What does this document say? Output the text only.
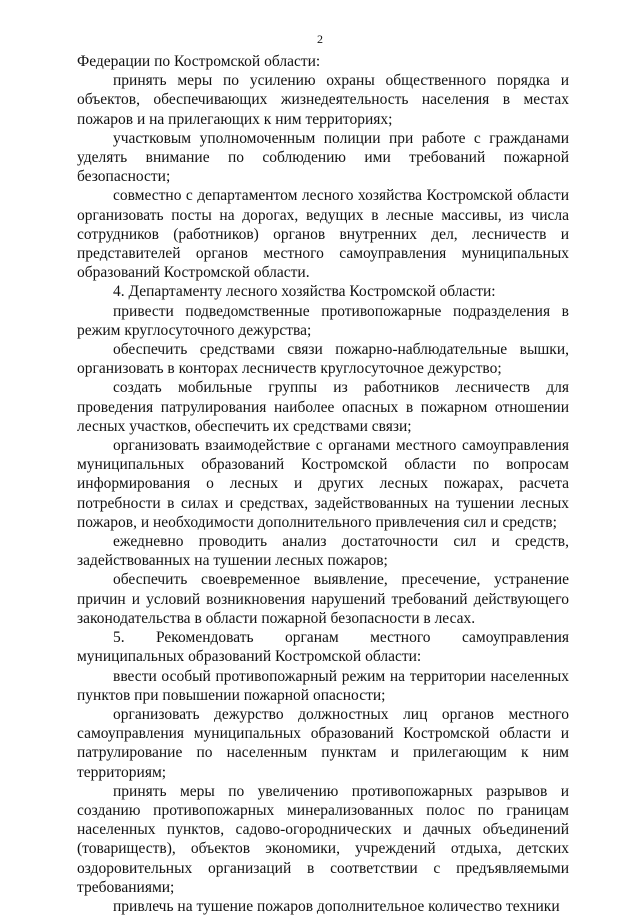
2

Федерации по Костромской области:

принять меры по усилению охраны общественного порядка и объектов, обеспечивающих жизнедеятельность населения в местах пожаров и на прилегающих к ним территориях;

участковым уполномоченным полиции при работе с гражданами уделять внимание по соблюдению ими требований пожарной безопасности;

совместно с департаментом лесного хозяйства Костромской области организовать посты на дорогах, ведущих в лесные массивы, из числа сотрудников (работников) органов внутренних дел, лесничеств и представителей органов местного самоуправления муниципальных образований Костромской области.

4. Департаменту лесного хозяйства Костромской области:

привести подведомственные противопожарные подразделения в режим круглосуточного дежурства;

обеспечить средствами связи пожарно-наблюдательные вышки, организовать в конторах лесничеств круглосуточное дежурство;

создать мобильные группы из работников лесничеств для проведения патрулирования наиболее опасных в пожарном отношении лесных участков, обеспечить их средствами связи;

организовать взаимодействие с органами местного самоуправления муниципальных образований Костромской области по вопросам информирования о лесных и других лесных пожарах, расчета потребности в силах и средствах, задействованных на тушении лесных пожаров, и необходимости дополнительного привлечения сил и средств;

ежедневно проводить анализ достаточности сил и средств, задействованных на тушении лесных пожаров;

обеспечить своевременное выявление, пресечение, устранение причин и условий возникновения нарушений требований действующего законодательства в области пожарной безопасности в лесах.

5. Рекомендовать органам местного самоуправления муниципальных образований Костромской области:

ввести особый противопожарный режим на территории населенных пунктов при повышении пожарной опасности;

организовать дежурство должностных лиц органов местного самоуправления муниципальных образований Костромской области и патрулирование по населенным пунктам и прилегающим к ним территориям;

принять меры по увеличению противопожарных разрывов и созданию противопожарных минерализованных полос по границам населенных пунктов, садово-огороднических и дачных объединений (товариществ), объектов экономики, учреждений отдыха, детских оздоровительных организаций в соответствии с предъявляемыми требованиями;

привлечь на тушение пожаров дополнительное количество техники
